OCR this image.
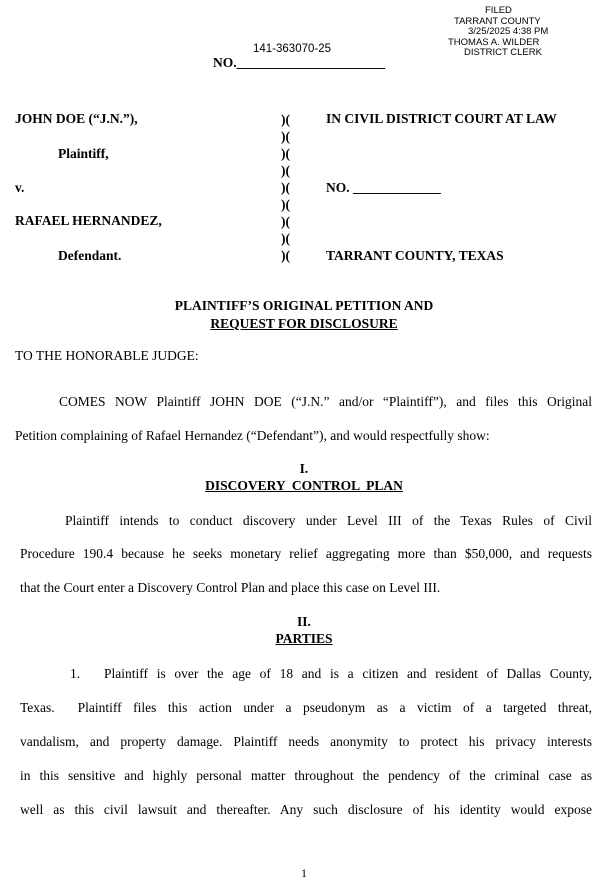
FILED
TARRANT COUNTY
3/25/2025 4:38 PM
THOMAS A. WILDER
DISTRICT CLERK
141-363070-25
NO.______________________
JOHN DOE (“J.N.”),
Plaintiff,
v.
RAFAEL HERNANDEZ,
Defendant.
)(
)(
)(
)(
)(
)(
)(
)(
)(
IN CIVIL DISTRICT COURT AT LAW
NO. _____________
TARRANT COUNTY, TEXAS
PLAINTIFF’S ORIGINAL PETITION AND
REQUEST FOR DISCLOSURE
TO THE HONORABLE JUDGE:
COMES NOW Plaintiff JOHN DOE (“J.N.” and/or “Plaintiff”), and files this Original
Petition complaining of Rafael Hernandez (“Defendant”), and would respectfully show:
I.
DISCOVERY  CONTROL  PLAN
Plaintiff intends to conduct discovery under Level III of the Texas Rules of Civil
Procedure 190.4 because he seeks monetary relief aggregating more than $50,000, and requests
that the Court enter a Discovery Control Plan and place this case on Level III.
II.
PARTIES
1. Plaintiff is over the age of 18 and is a citizen and resident of Dallas County,
Texas.  Plaintiff files this action under a pseudonym as a victim of a targeted threat,
vandalism, and property damage. Plaintiff needs anonymity to protect his privacy interests
in this sensitive and highly personal matter throughout the pendency of the criminal case as
well as this civil lawsuit and thereafter. Any such disclosure of his identity would expose
1
